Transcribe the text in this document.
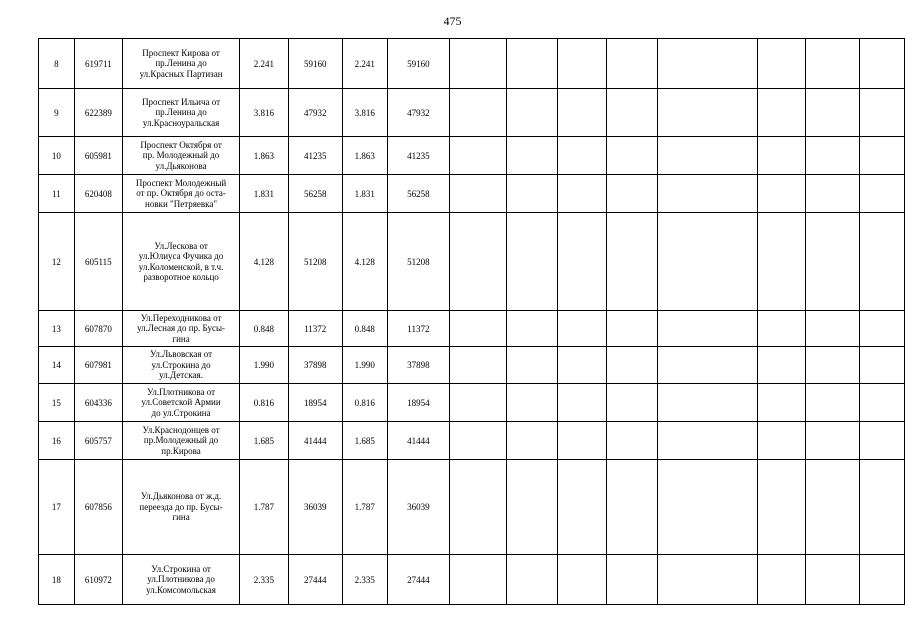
475
8	619711	Проспект Кирова от
пр.Ленина до
ул.Красных Партизан	2.241	59160	2.241	59160								
9	622389	Проспект Ильича от
пр.Ленина до
ул.Красноуральская	3.816	47932	3.816	47932								
10	605981	Проспект Октября от
пр. Молодежный до
ул.Дьяконова	1.863	41235	1.863	41235								
11	620408	Проспект Молодежный
от пр. Октября до оста-
новки "Петряевка"	1.831	56258	1.831	56258								
12	605115	Ул.Лескова от
ул.Юлиуса Фучика до
ул.Коломенской, в т.ч.
разворотное кольцо	4.128	51208	4.128	51208								
13	607870	Ул.Переходникова от
ул.Лесная до пр. Бусы-
гина	0.848	11372	0.848	11372								
14	607981	Ул.Львовская от
ул.Строкина до
ул.Детская.	1.990	37898	1.990	37898								
15	604336	Ул.Плотникова от
ул.Советской Армии
до ул.Строкина	0.816	18954	0.816	18954								
16	605757	Ул.Краснодонцев от
пр.Молодежный до
пр.Кирова	1.685	41444	1.685	41444								
17	607856	Ул.Дьяконова от ж.д.
переезда до пр. Бусы-
гина	1.787	36039	1.787	36039								
18	610972	Ул.Строкина от
ул.Плотникова до
ул.Комсомольская	2.335	27444	2.335	27444								
